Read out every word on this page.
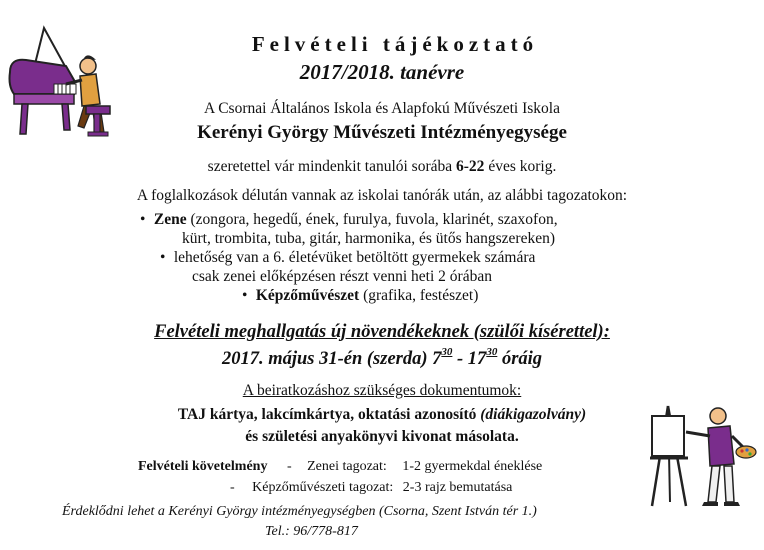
Felvételi tájékoztató
2017/2018. tanévre
A Csornai Általános Iskola és Alapfokú Művészeti Iskola
Kerényi György Művészeti Intézményegysége
szeretettel vár mindenkit tanulói sorába 6-22 éves korig.
A foglalkozások délután vannak az iskolai tanórák után, az alábbi tagozatokon:
• Zene (zongora, hegedű, ének, furulya, fuvola, klarinét, szaxofon,
kürt, trombita, tuba, gitár, harmonika, és ütős hangszereken)
• lehetőség van a 6. életévüket betöltött gyermekek számára
csak zenei előképzésen részt venni heti 2 órában
• Képzőművészet (grafika, festészet)
Felvételi meghallgatás új növendékeknek (szülői kísérettel):
2017. május 31-én (szerda) $7^{30} - 17^{30}$ óráig
A beiratkozáshoz szükséges dokumentumok:
TAJ kártya, lakcímkártya, oktatási azonosító (diákigazolvány)
és születési anyakönyvi kivonat másolata.
Felvételi követelmény - Zenei tagozat: 1-2 gyermekdal éneklése
- Képzőművészeti tagozat: 2-3 rajz bemutatása
Érdeklődni lehet a Kerényi György intézményegységben (Csorna, Szent István tér 1.)
Tel.: 96/778-817
